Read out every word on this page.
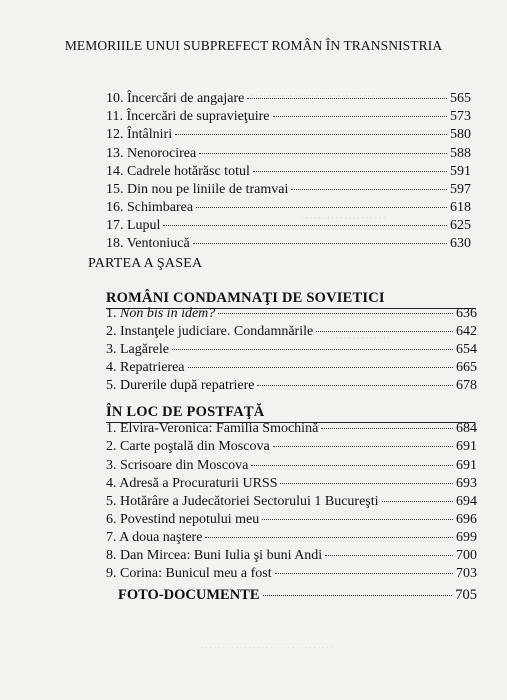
·····························
····················
··············
·······························
MEMORIILE UNUI SUBPREFECT ROMÂN ÎN TRANSNISTRIA
10. Încercări de angajare	565
11. Încercări de supravieţuire	573
12. Întâlniri	580
13. Nenorocirea	588
14. Cadrele hotărăsc totul	591
15. Din nou pe liniile de tramvai	597
16. Schimbarea	618
17. Lupul	625
18. Ventoniucă	630
PARTEA A ŞASEA
ROMÂNI CONDAMNAŢI DE SOVIETICI
1. Non bis in idem?	636
2. Instanţele judiciare. Condamnările	642
3. Lagărele	654
4. Repatrierea	665
5. Durerile după repatriere	678
ÎN LOC DE POSTFAŢĂ
1. Elvira-Veronica: Familia Smochină	684
2. Carte poştală din Moscova	691
3. Scrisoare din Moscova	691
4. Adresă a Procuraturii URSS	693
5. Hotărâre a Judecătoriei Sectorului 1 Bucureşti	694
6. Povestind nepotului meu	696
7. A doua naştere	699
8. Dan Mircea: Buni Iulia şi buni Andi	700
9. Corina: Bunicul meu a fost	703
FOTO-DOCUMENTE	705
